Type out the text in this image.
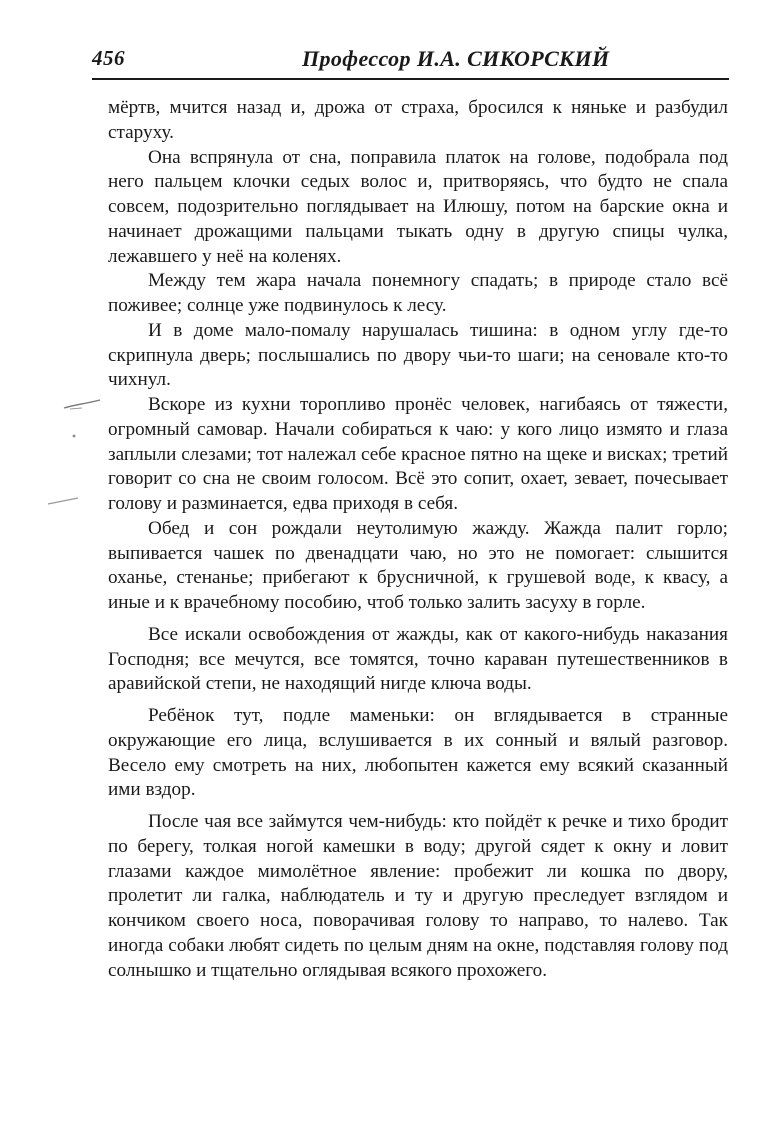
456	Профессор И.А. СИКОРСКИЙ

мёртв, мчится назад и, дрожа от страха, бросился к няньке и разбудил старуху.

Она вспрянула от сна, поправила платок на голове, подобрала под него пальцем клочки седых волос и, притворяясь, что будто не спала совсем, подозрительно поглядывает на Илюшу, потом на барские окна и начинает дрожащими пальцами тыкать одну в другую спицы чулка, лежавшего у неё на коленях.

Между тем жара начала понемногу спадать; в природе стало всё поживее; солнце уже подвинулось к лесу.

И в доме мало-помалу нарушалась тишина: в одном углу где-то скрипнула дверь; послышались по двору чьи-то шаги; на сеновале кто-то чихнул.

Вскоре из кухни торопливо пронёс человек, нагибаясь от тяжести, огромный самовар. Начали собираться к чаю: у кого лицо измято и глаза заплыли слезами; тот належал себе красное пятно на щеке и висках; третий говорит со сна не своим голосом. Всё это сопит, охает, зевает, почесывает голову и разминается, едва приходя в себя.

Обед и сон рождали неутолимую жажду. Жажда палит горло; выпивается чашек по двенадцати чаю, но это не помогает: слышится оханье, стенанье; прибегают к брусничной, к грушевой воде, к квасу, а иные и к врачебному пособию, чтоб только залить засуху в горле.

Все искали освобождения от жажды, как от какого-нибудь наказания Господня; все мечутся, все томятся, точно караван путешественников в аравийской степи, не находящий нигде ключа воды.

Ребёнок тут, подле маменьки: он вглядывается в странные окружающие его лица, вслушивается в их сонный и вялый разговор. Весело ему смотреть на них, любопытен кажется ему всякий сказанный ими вздор.

После чая все займутся чем-нибудь: кто пойдёт к речке и тихо бродит по берегу, толкая ногой камешки в воду; другой сядет к окну и ловит глазами каждое мимолётное явление: пробежит ли кошка по двору, пролетит ли галка, наблюдатель и ту и другую преследует взглядом и кончиком своего носа, поворачивая голову то направо, то налево. Так иногда собаки любят сидеть по целым дням на окне, подставляя голову под солнышко и тщательно оглядывая всякого прохожего.
